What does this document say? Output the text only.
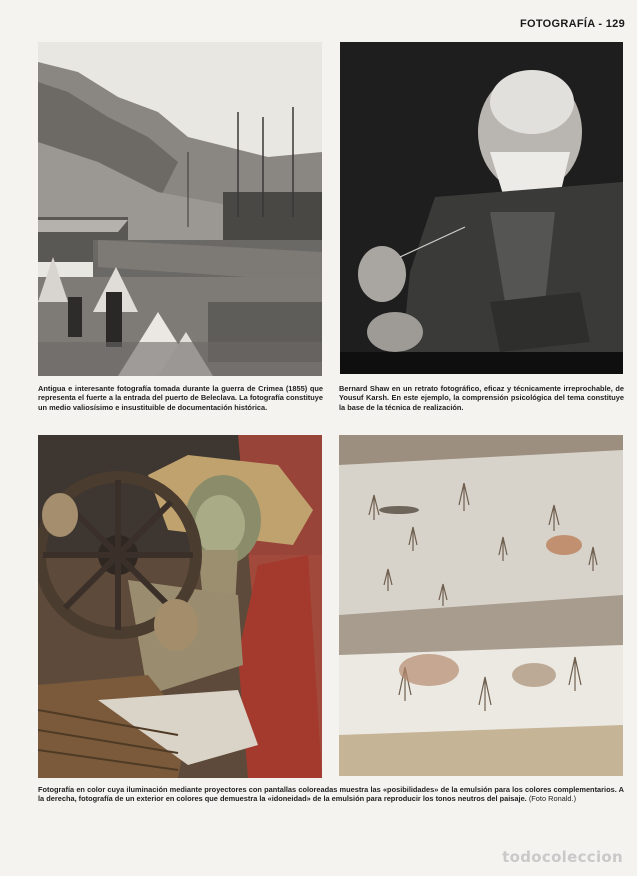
FOTOGRAFÍA - 129

Antigua e interesante fotografía tomada durante la guerra de Crimea (1855) que representa el fuerte a la entrada del puerto de Beleclava. La fotografía constituye un medio valiosísimo e insustituible de documentación histórica.

Bernard Shaw en un retrato fotográfico, eficaz y técnicamente irreprochable, de Yousuf Karsh. En este ejemplo, la comprensión psicológica del tema constituye la base de la técnica de realización.

Fotografía en color cuya iluminación mediante proyectores con pantallas coloreadas muestra las «posibilidades» de la emulsión para los colores complementarios. A la derecha, fotografía de un exterior en colores que demuestra la «idoneidad» de la emulsión para reproducir los tonos neutros del paisaje. (Foto Ronald.)

todocoleccion
